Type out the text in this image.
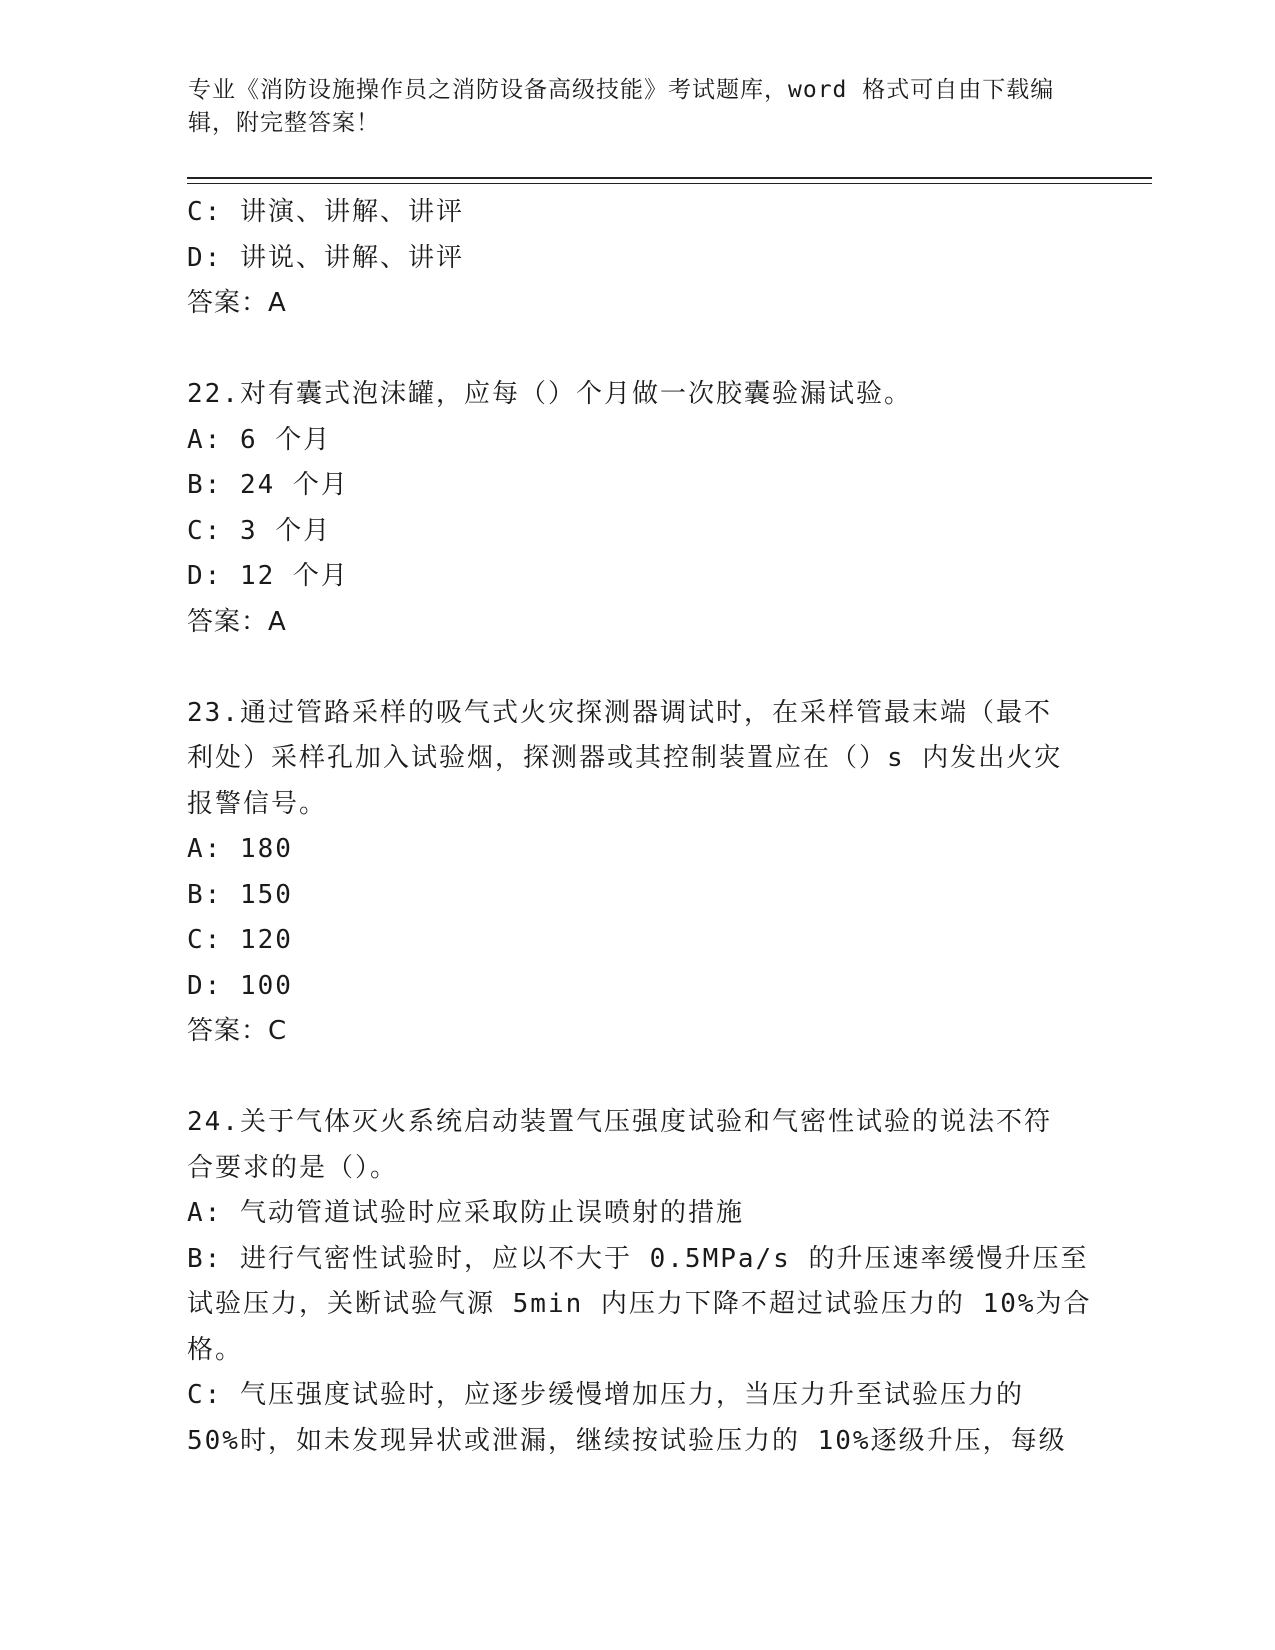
专业《消防设施操作员之消防设备高级技能》考试题库，word 格式可自由下载编
辑，附完整答案！
C: 讲演、讲解、讲评
D: 讲说、讲解、讲评
答案：A
22.对有囊式泡沫罐，应每（）个月做一次胶囊验漏试验。
A: 6 个月
B: 24 个月
C: 3 个月
D: 12 个月
答案：A
23.通过管路采样的吸气式火灾探测器调试时，在采样管最末端（最不
利处）采样孔加入试验烟，探测器或其控制装置应在（）s 内发出火灾
报警信号。
A: 180
B: 150
C: 120
D: 100
答案：C
24.关于气体灭火系统启动装置气压强度试验和气密性试验的说法不符
合要求的是（）。
A: 气动管道试验时应采取防止误喷射的措施
B: 进行气密性试验时，应以不大于 0.5MPa/s 的升压速率缓慢升压至
试验压力，关断试验气源 5min 内压力下降不超过试验压力的 10%为合
格。
C: 气压强度试验时，应逐步缓慢增加压力，当压力升至试验压力的
50%时，如未发现异状或泄漏，继续按试验压力的 10%逐级升压，每级
